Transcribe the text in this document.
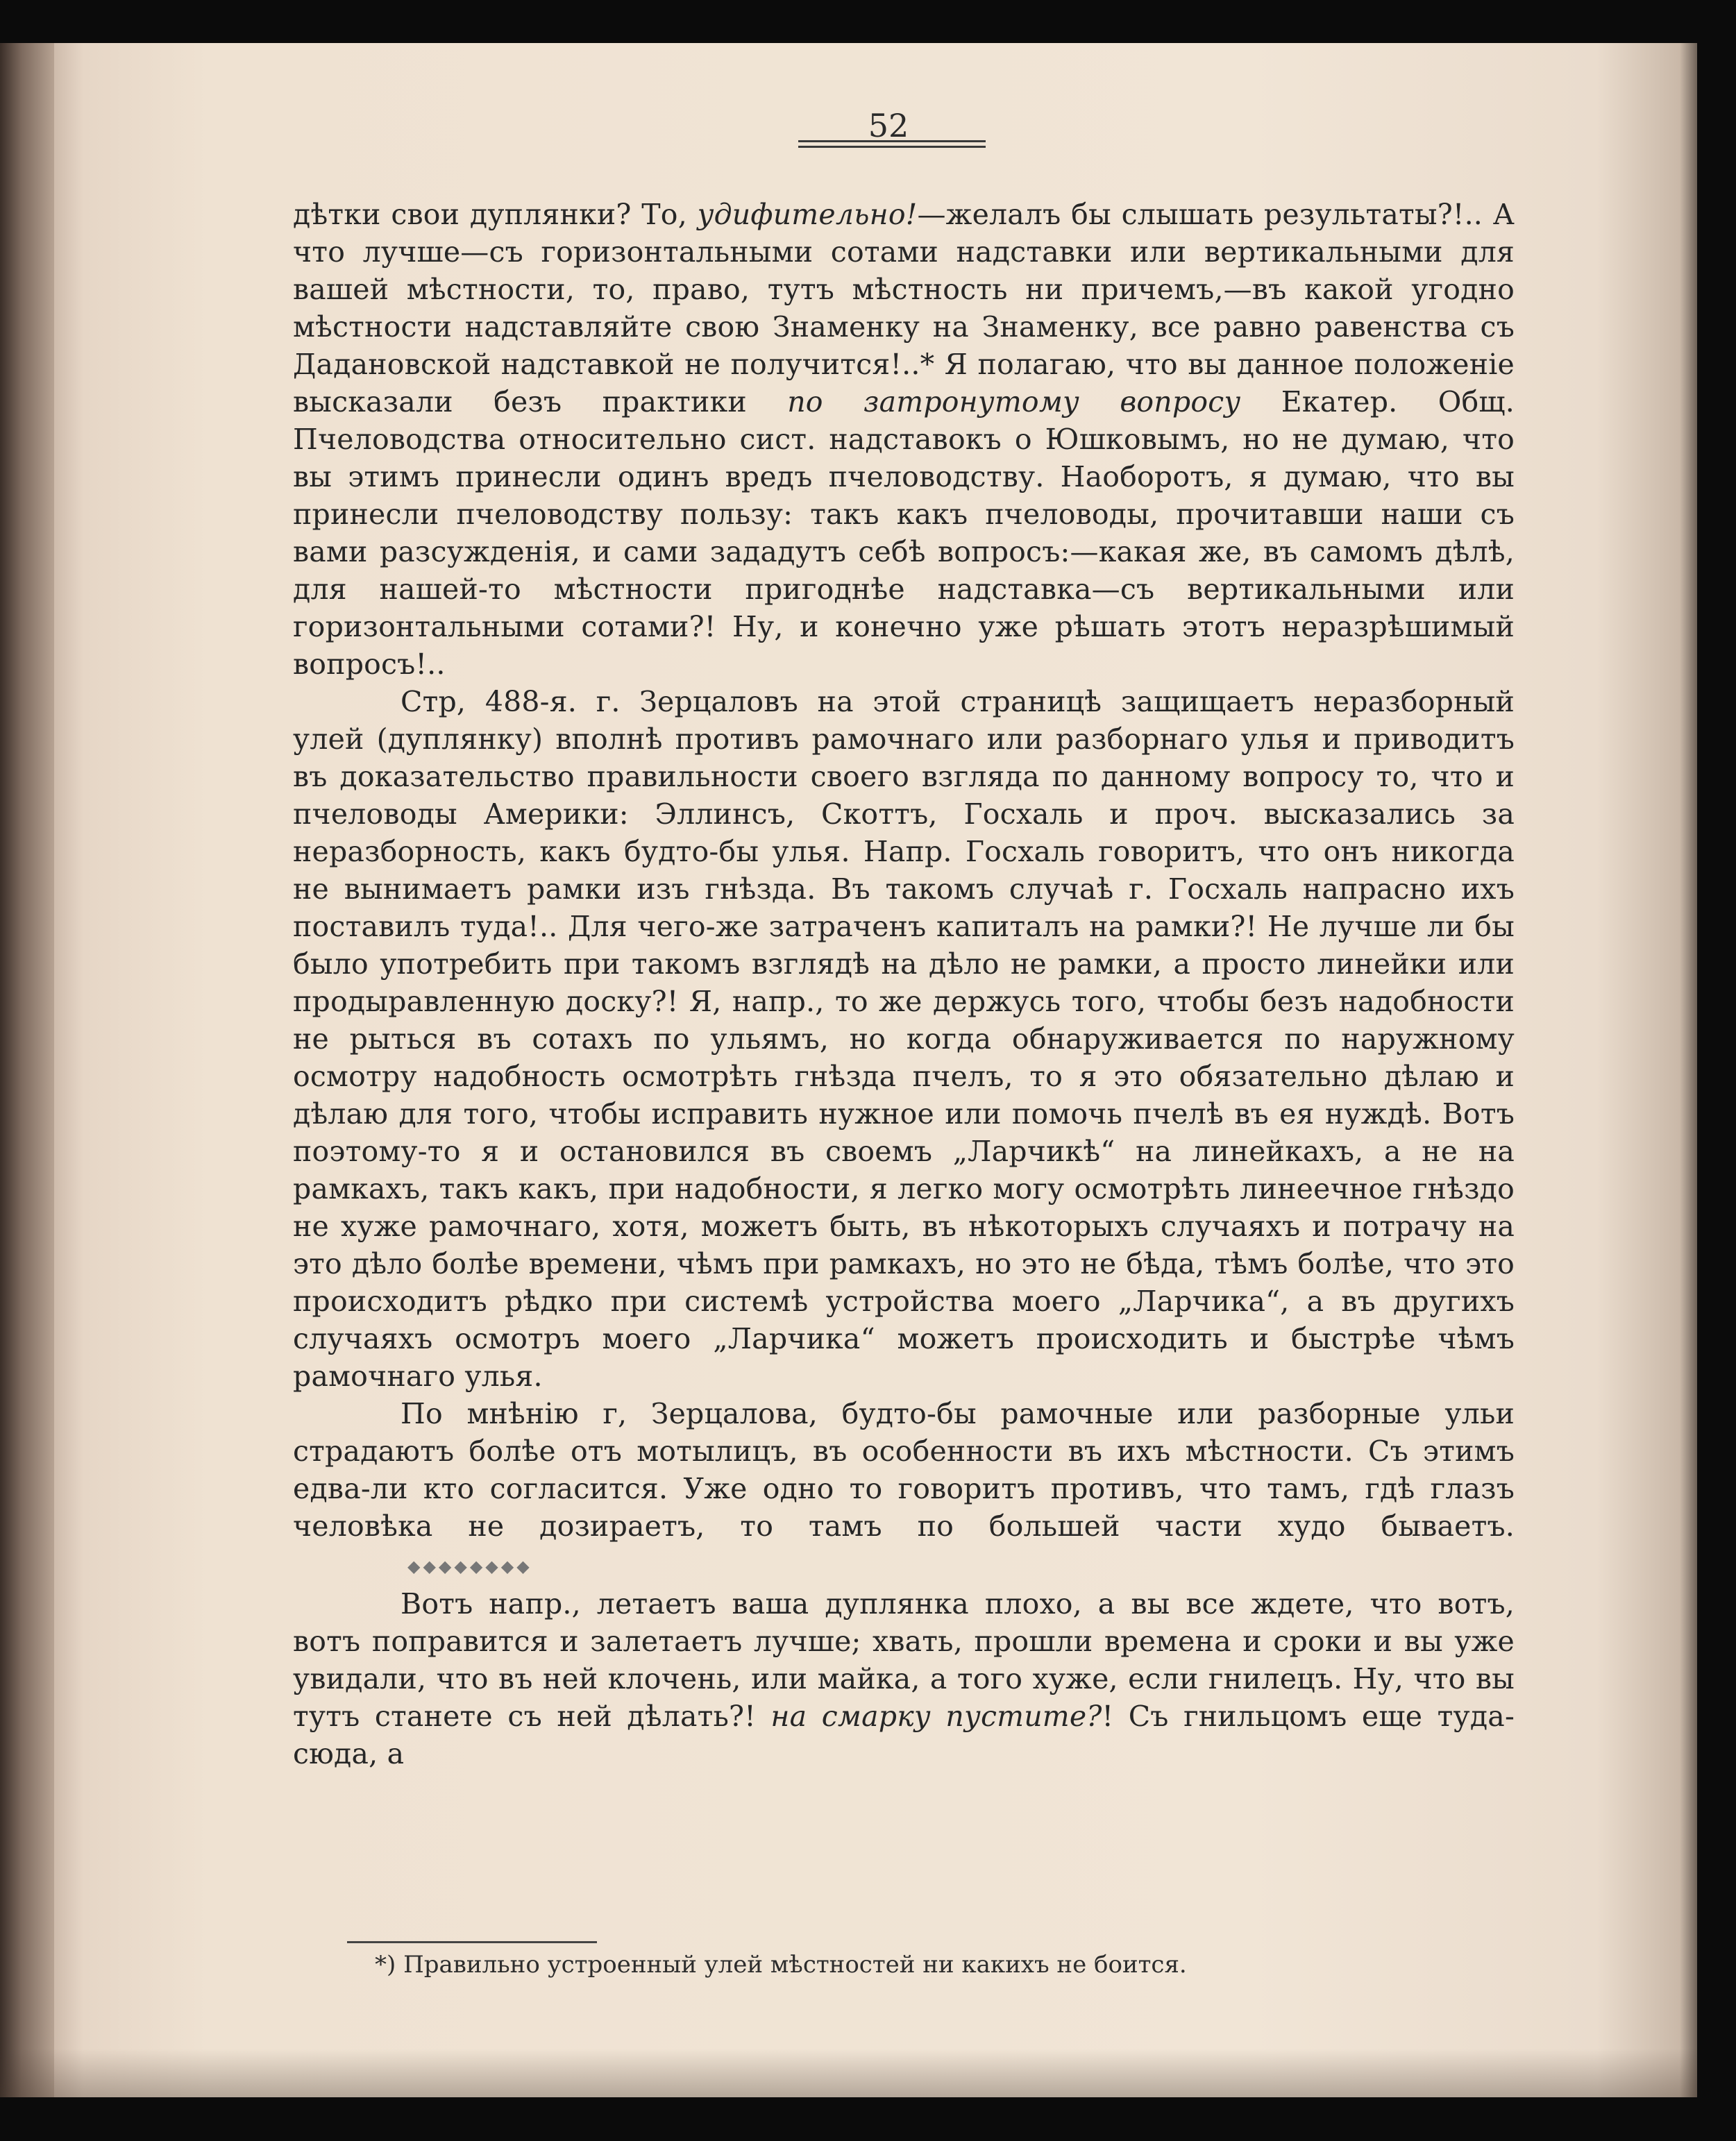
52

дѣтки свои дуплянки? То, удифительно!—желалъ бы слышать результаты?!.. А что лучше—съ горизонтальными сотами надставки или вертикальными для вашей мѣстности, то, право, тутъ мѣстность ни причемъ,—въ какой угодно мѣстности надставляйте свою Знаменку на Знаменку, все равно равенства съ Дадановской надставкой не получится!..* Я полагаю, что вы данное положеніе высказали безъ практики по затронутому вопросу Екатер. Общ. Пчеловодства относительно сист. надставокъ о Юшковымъ, но не думаю, что вы этимъ принесли одинъ вредъ пчеловодству. Наоборотъ, я думаю, что вы принесли пчеловодству пользу: такъ какъ пчеловоды, прочитавши наши съ вами разсужденія, и сами зададутъ себѣ вопросъ:—какая же, въ самомъ дѣлѣ, для нашей-то мѣстности пригоднѣе надставка—съ вертикальными или горизонтальными сотами?! Ну, и конечно уже рѣшать этотъ неразрѣшимый вопросъ!..

Стр, 488-я. г. Зерцаловъ на этой страницѣ защищаетъ неразборный улей (дуплянку) вполнѣ противъ рамочнаго или разборнаго улья и приводитъ въ доказательство правильности своего взгляда по данному вопросу то, что и пчеловоды Америки: Эллинсъ, Скоттъ, Госхаль и проч. высказались за неразборность, какъ будто-бы улья. Напр. Госхаль говоритъ, что онъ никогда не вынимаетъ рамки изъ гнѣзда. Въ такомъ случаѣ г. Госхаль напрасно ихъ поставилъ туда!.. Для чего-же затраченъ капиталъ на рамки?! Не лучше ли бы было употребить при такомъ взглядѣ на дѣло не рамки, а просто линейки или продыравленную доску?! Я, напр., то же держусь того, чтобы безъ надобности не рыться въ сотахъ по ульямъ, но когда обнаруживается по наружному осмотру надобность осмотрѣть гнѣзда пчелъ, то я это обязательно дѣлаю и дѣлаю для того, чтобы исправить нужное или помочь пчелѣ въ ея нуждѣ. Вотъ поэтому-то я и остановился въ своемъ „Ларчикѣ“ на линейкахъ, а не на рамкахъ, такъ какъ, при надобности, я легко могу осмотрѣть линеечное гнѣздо не хуже рамочнаго, хотя, можетъ быть, въ нѣкоторыхъ случаяхъ и потрачу на это дѣло болѣе времени, чѣмъ при рамкахъ, но это не бѣда, тѣмъ болѣе, что это происходитъ рѣдко при системѣ устройства моего „Ларчика“, а въ другихъ случаяхъ осмотръ моего „Ларчика“ можетъ происходить и быстрѣе чѣмъ рамочнаго улья.

По мнѣнію г, Зерцалова, будто-бы рамочные или разборные ульи страдаютъ болѣе отъ мотылицъ, въ особенности въ ихъ мѣстности. Съ этимъ едва-ли кто согласится. Уже одно то говоритъ противъ, что тамъ, гдѣ глазъ человѣка не дозираетъ, то тамъ по большей части худо бываетъ.◆◆◆◆◆◆◆◆

Вотъ напр., летаетъ ваша дуплянка плохо, а вы все ждете, что вотъ, вотъ поправится и залетаетъ лучше; хвать, прошли времена и сроки и вы уже увидали, что въ ней клочень, или майка, а того хуже, если гнилецъ. Ну, что вы тутъ станете съ ней дѣлать?! на смарку пустите?! Съ гнильцомъ еще туда-сюда, а

*) Правильно устроенный улей мѣстностей ни какихъ не боится.
